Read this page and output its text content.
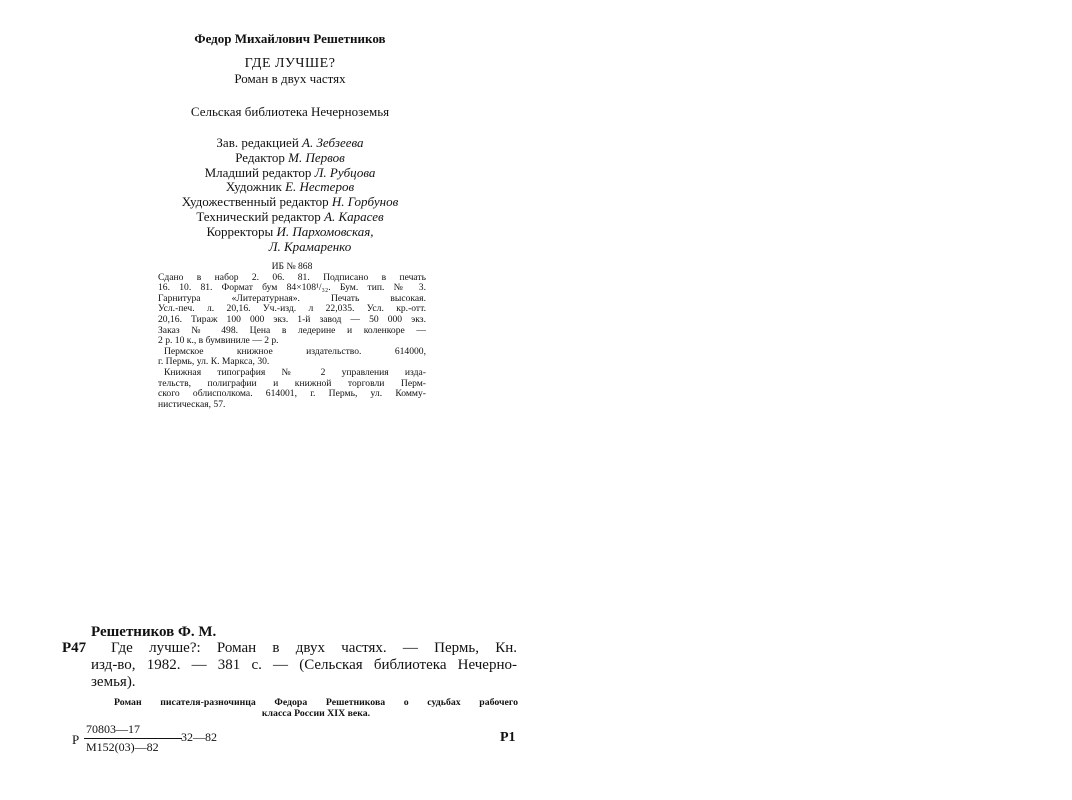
Федор Михайлович Решетников
ГДЕ ЛУЧШЕ?
Роман в двух частях
Сельская библиотека Нечерноземья
Зав. редакцией А. Зебзеева
Редактор М. Первов
Младший редактор Л. Рубцова
Художник Е. Нестеров
Художественный редактор Н. Горбунов
Технический редактор А. Карасев
Корректоры И. Пархомовская,
Л. Крамаренко
ИБ № 868
Сдано в набор 2. 06. 81. Подписано в печать
16. 10. 81. Формат бум 84×108¹/₃₂. Бум. тип. № 3.
Гарнитура «Литературная». Печать высокая.
Усл.-печ. л. 20,16. Уч.-изд. л 22,035. Усл. кр.-отт.
20,16. Тираж 100 000 экз. 1-й завод — 50 000 экз.
Заказ № 498. Цена в ледерине и коленкоре —
2 р. 10 к., в бумвиниле — 2 р.
Пермское книжное издательство. 614000,
г. Пермь, ул. К. Маркса, 30.
Книжная типография № 2 управления изда-
тельств, полиграфии и книжной торговли Перм-
ского облисполкома. 614001, г. Пермь, ул. Комму-
нистическая, 57.
Решетников Ф. М.
Р47	Где лучше?: Роман в двух частях. — Пермь, Кн.
изд-во, 1982. — 381 с. — (Сельская библиотека Нечерно-
земья).
Роман писателя-разночинца Федора Решетникова о судьбах рабочего
класса России XIX века.
Р
70803—17
М152(03)—82
32—82	Р1
